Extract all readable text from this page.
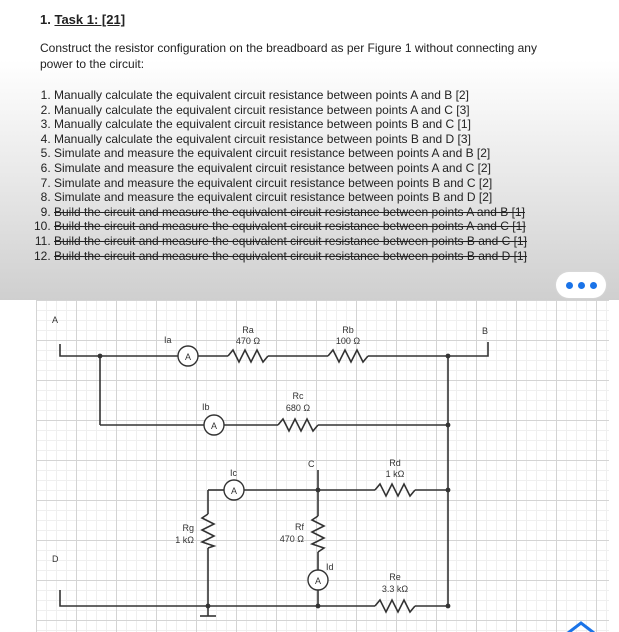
1. Task 1: [21]
Construct the resistor configuration on the breadboard as per Figure 1 without connecting any power to the circuit:
1. Manually calculate the equivalent circuit resistance between points A and B [2]
2. Manually calculate the equivalent circuit resistance between points A and C [3]
3. Manually calculate the equivalent circuit resistance between points B and C [1]
4. Manually calculate the equivalent circuit resistance between points B and D [3]
5. Simulate and measure the equivalent circuit resistance between points A and B [2]
6. Simulate and measure the equivalent circuit resistance between points A and C [2]
7. Simulate and measure the equivalent circuit resistance between points B and C [2]
8. Simulate and measure the equivalent circuit resistance between points B and D [2]
9. Build the circuit and measure the equivalent circuit resistance between points A and B [1]
10. Build the circuit and measure the equivalent circuit resistance between points A and C [1]
11. Build the circuit and measure the equivalent circuit resistance between points B and C [1]
12. Build the circuit and measure the equivalent circuit resistance between points B and D [1]
A
A
A
A
A
B
C
D
Ia
Ib
Ic
Id
Ra
470 Ω
Rb
100 Ω
Rc
680 Ω
Rd
1 kΩ
Re
3.3 kΩ
Rf
470 Ω
Rg
1 kΩ
